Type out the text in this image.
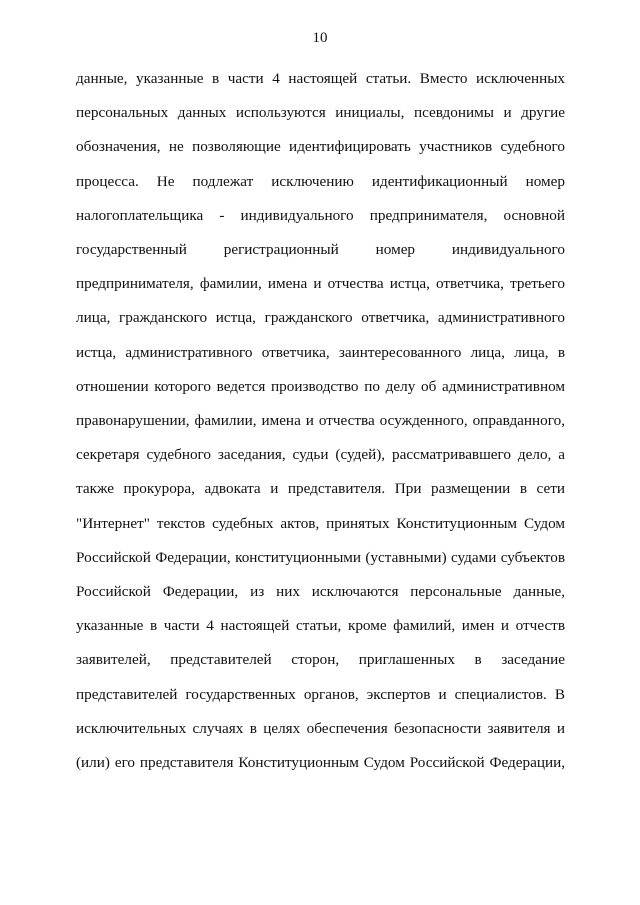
10
данные, указанные в части 4 настоящей статьи. Вместо исключенных
персональных данных используются инициалы, псевдонимы и другие
обозначения, не позволяющие идентифицировать участников судебного
процесса. Не подлежат исключению идентификационный номер
налогоплательщика - индивидуального предпринимателя, основной
государственный регистрационный номер индивидуального
предпринимателя, фамилии, имена и отчества истца, ответчика, третьего
лица, гражданского истца, гражданского ответчика, административного
истца, административного ответчика, заинтересованного лица, лица, в
отношении которого ведется производство по делу об административном
правонарушении, фамилии, имена и отчества осужденного, оправданного,
секретаря судебного заседания, судьи (судей), рассматривавшего дело, а
также прокурора, адвоката и представителя. При размещении в сети
"Интернет" текстов судебных актов, принятых Конституционным Судом
Российской Федерации, конституционными (уставными) судами субъектов
Российской Федерации, из них исключаются персональные данные,
указанные в части 4 настоящей статьи, кроме фамилий, имен и отчеств
заявителей, представителей сторон, приглашенных в заседание
представителей государственных органов, экспертов и специалистов. В
исключительных случаях в целях обеспечения безопасности заявителя и
(или) его представителя Конституционным Судом Российской Федерации,
